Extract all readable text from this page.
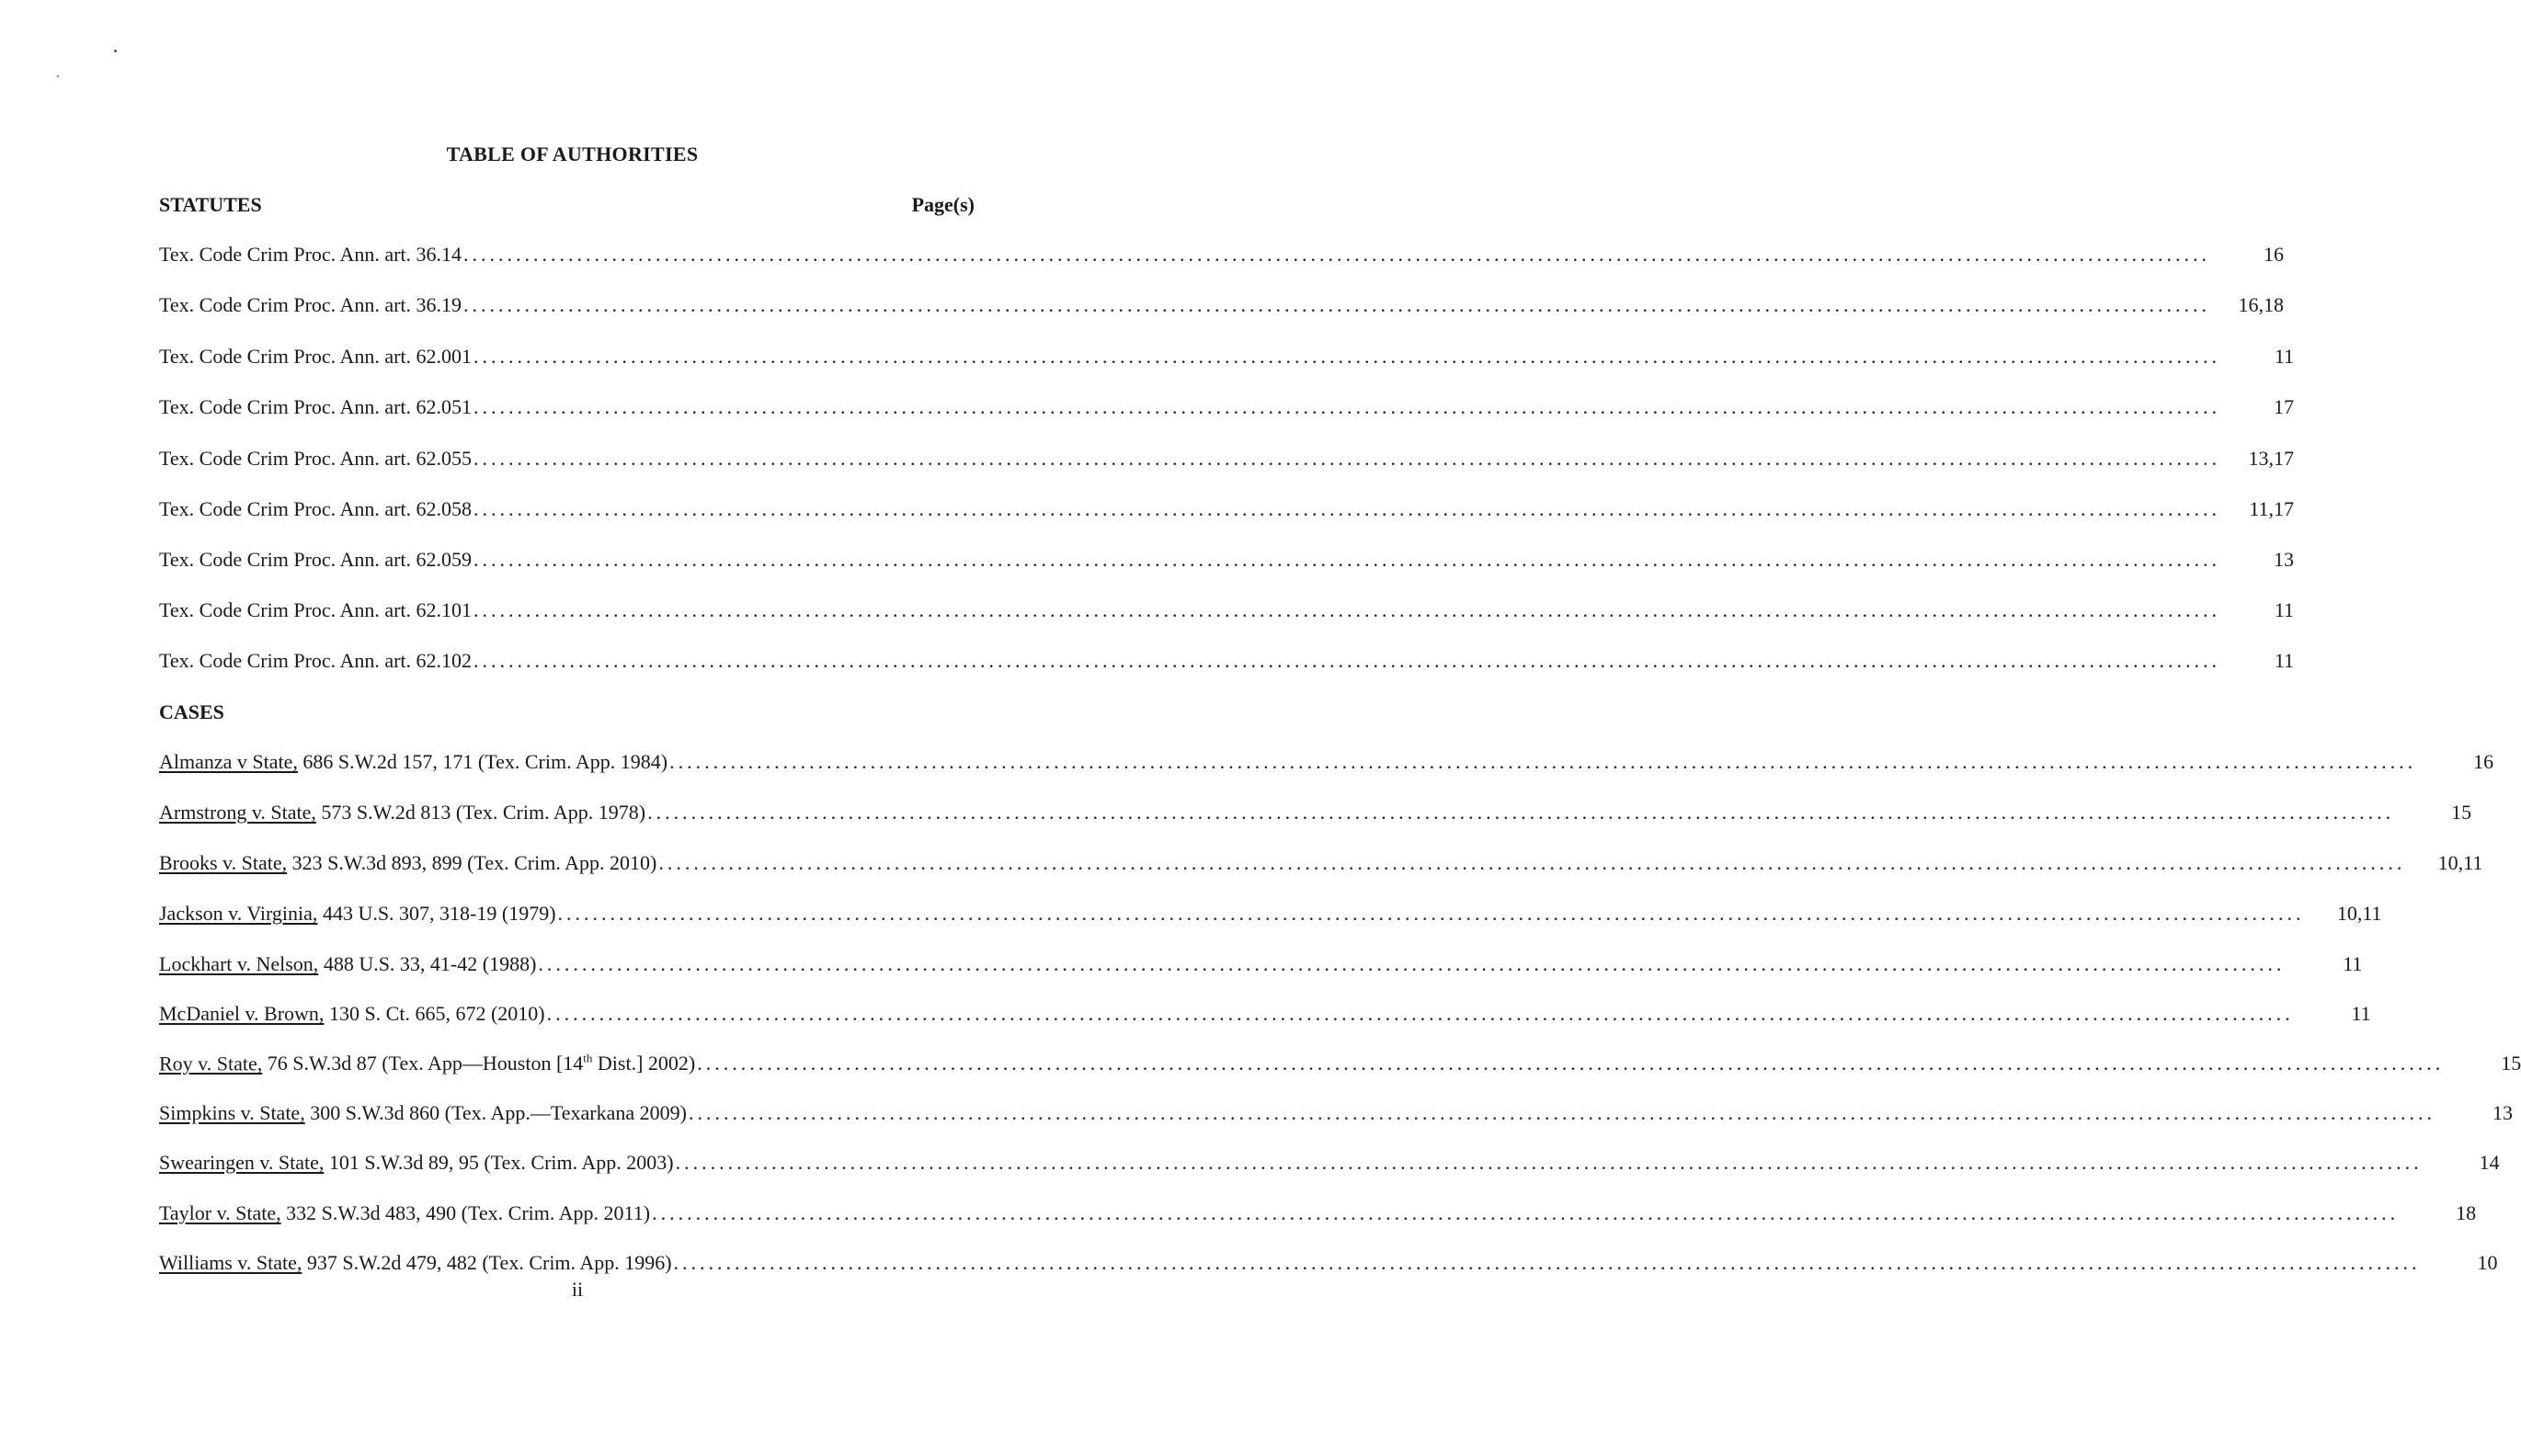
TABLE OF AUTHORITIES
STATUTES	Page(s)
Tex. Code Crim Proc. Ann. art. 36.14 ........................................................................................................................................................................................................	16
Tex. Code Crim Proc. Ann. art. 36.19 ........................................................................................................................................................................................................	16,18
Tex. Code Crim Proc. Ann. art. 62.001 ........................................................................................................................................................................................................	11
Tex. Code Crim Proc. Ann. art. 62.051 ........................................................................................................................................................................................................	17
Tex. Code Crim Proc. Ann. art. 62.055 ........................................................................................................................................................................................................	13,17
Tex. Code Crim Proc. Ann. art. 62.058 ........................................................................................................................................................................................................	11,17
Tex. Code Crim Proc. Ann. art. 62.059 ........................................................................................................................................................................................................	13
Tex. Code Crim Proc. Ann. art. 62.101 ........................................................................................................................................................................................................	11
Tex. Code Crim Proc. Ann. art. 62.102 ........................................................................................................................................................................................................	11
CASES
Almanza v State, 686 S.W.2d 157, 171 (Tex. Crim. App. 1984) ........................................................................................................................................................................................................	16
Armstrong v. State, 573 S.W.2d 813 (Tex. Crim. App. 1978) ........................................................................................................................................................................................................	15
Brooks v. State, 323 S.W.3d 893, 899 (Tex. Crim. App. 2010) ........................................................................................................................................................................................................ 10,11
Jackson v. Virginia, 443 U.S. 307, 318-19 (1979) ........................................................................................................................................................................................................ 10,11
Lockhart v. Nelson, 488 U.S. 33, 41-42 (1988) ........................................................................................................................................................................................................	11
McDaniel v. Brown, 130 S. Ct. 665, 672 (2010) ........................................................................................................................................................................................................	11
Roy v. State, 76 S.W.3d 87 (Tex. App—Houston [14th Dist.] 2002) ........................................................................................................................................................................................................	15
Simpkins v. State, 300 S.W.3d 860 (Tex. App.—Texarkana 2009) ........................................................................................................................................................................................................	13
Swearingen v. State, 101 S.W.3d 89, 95 (Tex. Crim. App. 2003) ........................................................................................................................................................................................................	14
Taylor v. State, 332 S.W.3d 483, 490 (Tex. Crim. App. 2011) ........................................................................................................................................................................................................	18
Williams v. State, 937 S.W.2d 479, 482 (Tex. Crim. App. 1996) ........................................................................................................................................................................................................	10
ii
